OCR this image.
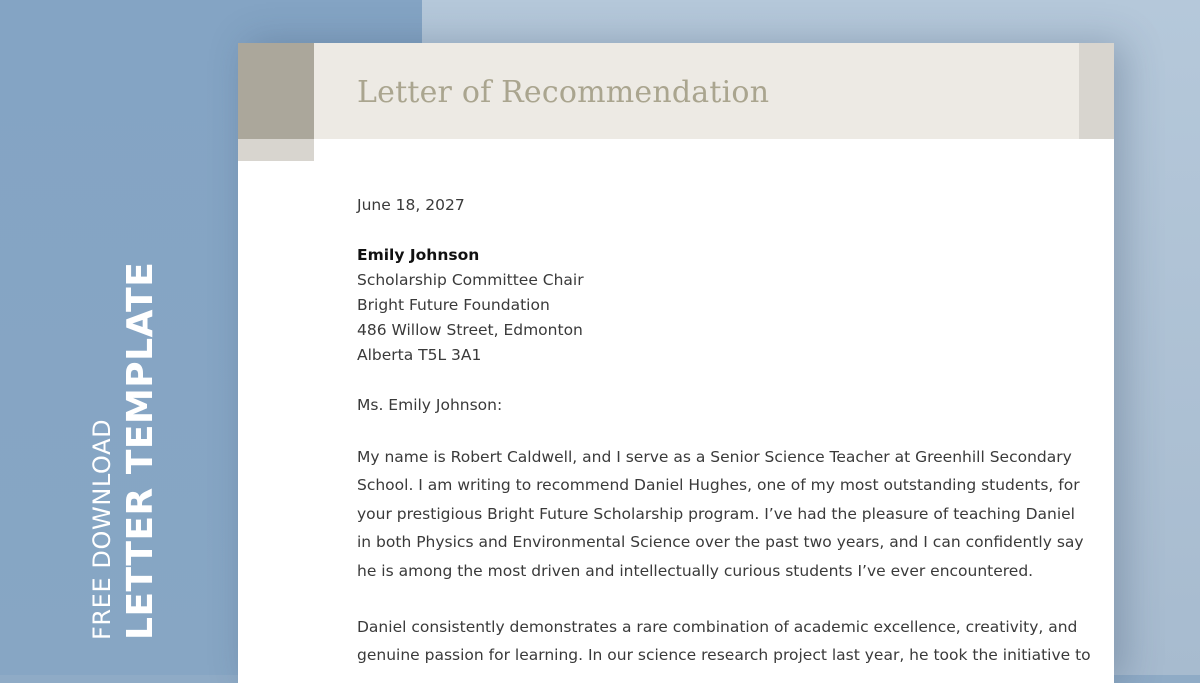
FREE DOWNLOAD LETTER TEMPLATE
Letter of Recommendation
June 18, 2027
Emily Johnson
Scholarship Committee Chair
Bright Future Foundation
486 Willow Street, Edmonton
Alberta T5L 3A1
Ms. Emily Johnson:
My name is Robert Caldwell, and I serve as a Senior Science Teacher at Greenhill Secondary
School. I am writing to recommend Daniel Hughes, one of my most outstanding students, for
your prestigious Bright Future Scholarship program. I’ve had the pleasure of teaching Daniel
in both Physics and Environmental Science over the past two years, and I can confidently say
he is among the most driven and intellectually curious students I’ve ever encountered.
Daniel consistently demonstrates a rare combination of academic excellence, creativity, and
genuine passion for learning. In our science research project last year, he took the initiative to
